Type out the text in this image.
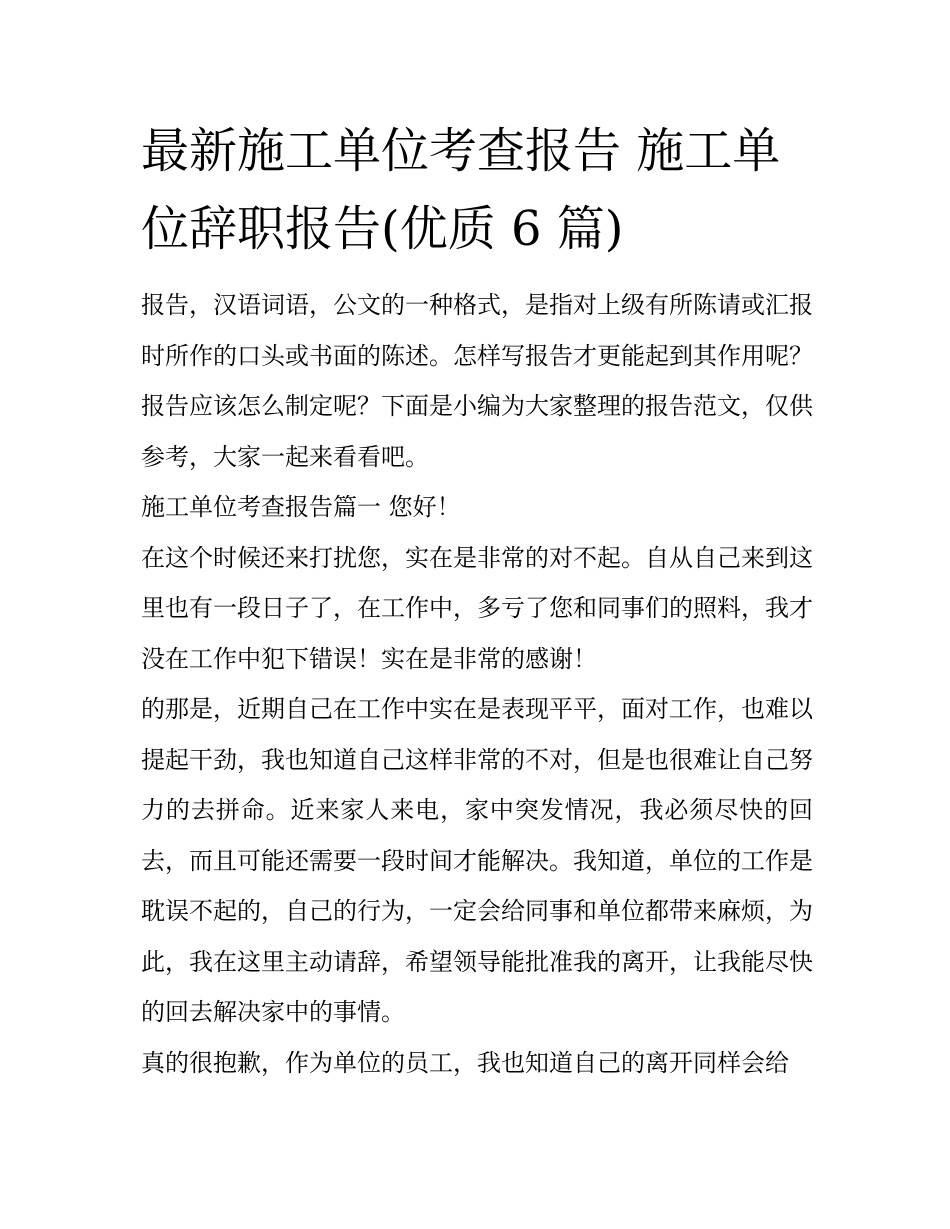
最新施工单位考查报告 施工单位辞职报告(优质 6 篇)

报告，汉语词语，公文的一种格式，是指对上级有所陈请或汇报时所作的口头或书面的陈述。怎样写报告才更能起到其作用呢？报告应该怎么制定呢？下面是小编为大家整理的报告范文，仅供参考，大家一起来看看吧。

施工单位考查报告篇一 您好！

在这个时候还来打扰您，实在是非常的对不起。自从自己来到这里也有一段日子了，在工作中，多亏了您和同事们的照料，我才没在工作中犯下错误！实在是非常的感谢！

的那是，近期自己在工作中实在是表现平平，面对工作，也难以提起干劲，我也知道自己这样非常的不对，但是也很难让自己努力的去拼命。近来家人来电，家中突发情况，我必须尽快的回去，而且可能还需要一段时间才能解决。我知道，单位的工作是耽误不起的，自己的行为，一定会给同事和单位都带来麻烦，为此，我在这里主动请辞，希望领导能批准我的离开，让我能尽快的回去解决家中的事情。

真的很抱歉，作为单位的员工，我也知道自己的离开同样会给
